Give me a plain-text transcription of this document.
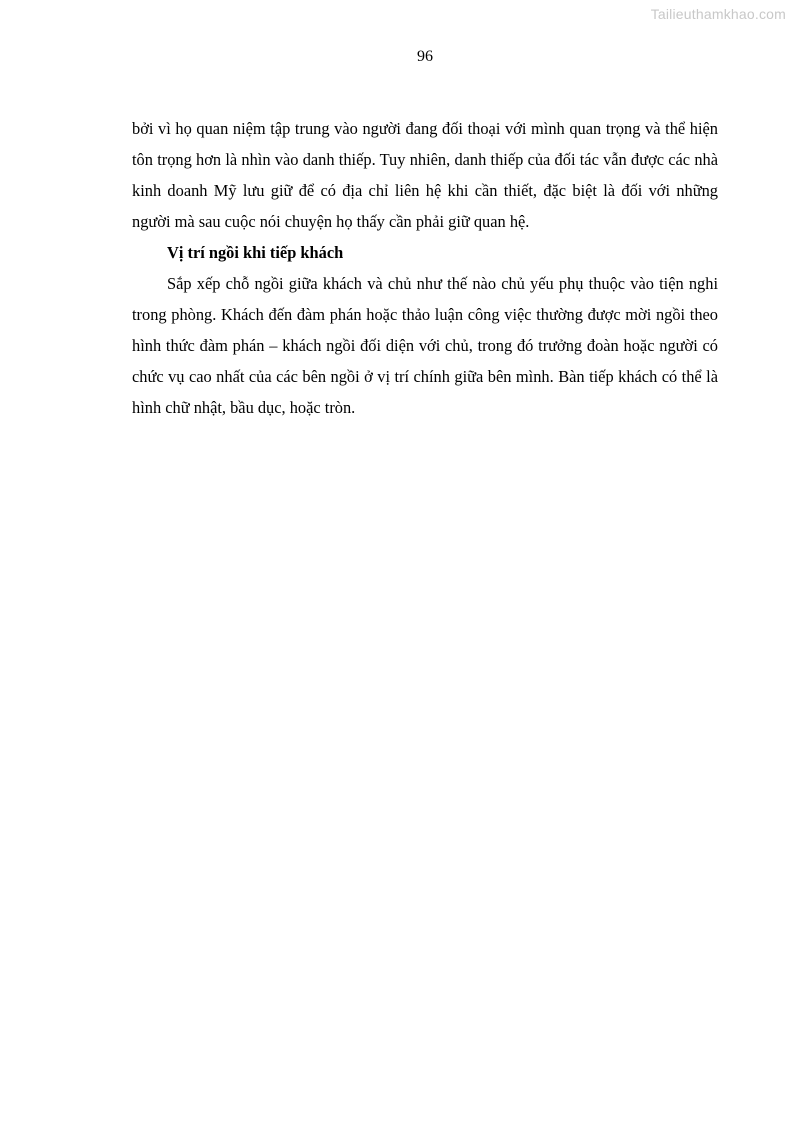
Tailieuthamkhao.com
96

bởi vì họ quan niệm tập trung vào người đang đối thoại với mình quan trọng và thể hiện tôn trọng hơn là nhìn vào danh thiếp. Tuy nhiên, danh thiếp của đối tác vẫn được các nhà kinh doanh Mỹ lưu giữ để có địa chỉ liên hệ khi cần thiết, đặc biệt là đối với những người mà sau cuộc nói chuyện họ thấy cần phải giữ quan hệ.

Vị trí ngồi khi tiếp khách

Sắp xếp chỗ ngồi giữa khách và chủ như thế nào chủ yếu phụ thuộc vào tiện nghi trong phòng. Khách đến đàm phán hoặc thảo luận công việc thường được mời ngồi theo hình thức đàm phán – khách ngồi đối diện với chủ, trong đó trưởng đoàn hoặc người có chức vụ cao nhất của các bên ngồi ở vị trí chính giữa bên mình. Bàn tiếp khách có thể là hình chữ nhật, bầu dục, hoặc tròn.
